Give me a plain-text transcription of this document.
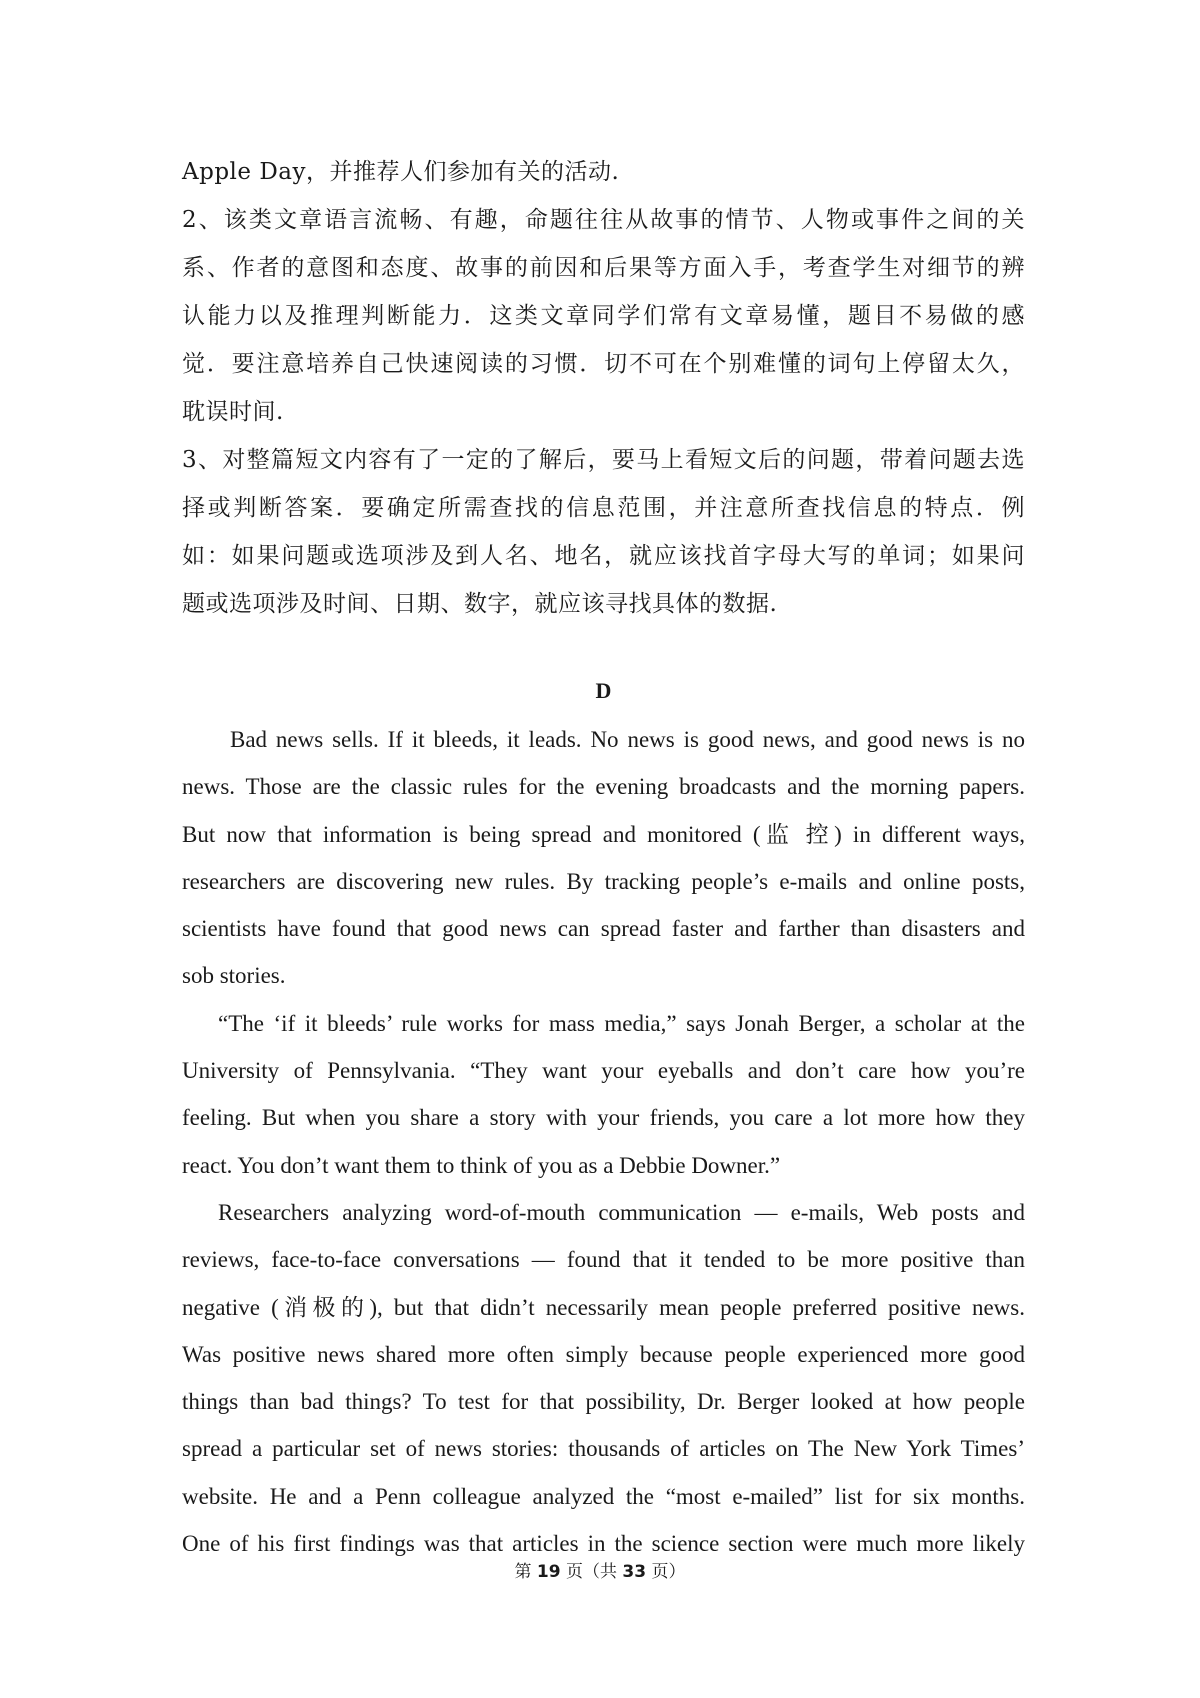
Apple Day，并推荐人们参加有关的活动.
2、该类文章语言流畅、有趣，命题往往从故事的情节、人物或事件之间的关
系、作者的意图和态度、故事的前因和后果等方面入手，考查学生对细节的辨
认能力以及推理判断能力．这类文章同学们常有文章易懂，题目不易做的感
觉．要注意培养自己快速阅读的习惯．切不可在个别难懂的词句上停留太久，
耽误时间.
3、对整篇短文内容有了一定的了解后，要马上看短文后的问题，带着问题去选
择或判断答案．要确定所需查找的信息范围，并注意所查找信息的特点．例
如：如果问题或选项涉及到人名、地名，就应该找首字母大写的单词；如果问
题或选项涉及时间、日期、数字，就应该寻找具体的数据.
D
Bad news sells. If it bleeds, it leads. No news is good news, and good news is no
news. Those are the classic rules for the evening broadcasts and the morning papers.
But now that information is being spread and monitored (监 控) in different ways,
researchers are discovering new rules. By tracking people’s e-mails and online posts,
scientists have found that good news can spread faster and farther than disasters and
sob stories.
“The ‘if it bleeds’ rule works for mass media,” says Jonah Berger, a scholar at the
University of Pennsylvania. “They want your eyeballs and don’t care how you’re
feeling. But when you share a story with your friends, you care a lot more how they
react. You don’t want them to think of you as a Debbie Downer.”
Researchers analyzing word-of-mouth communication — e-mails, Web posts and
reviews, face-to-face conversations — found that it tended to be more positive than
negative (消极的), but that didn’t necessarily mean people preferred positive news.
Was positive news shared more often simply because people experienced more good
things than bad things? To test for that possibility, Dr. Berger looked at how people
spread a particular set of news stories: thousands of articles on The New York Times’
website. He and a Penn colleague analyzed the “most e-mailed” list for six months.
One of his first findings was that articles in the science section were much more likely
第 19 页（共 33 页）
